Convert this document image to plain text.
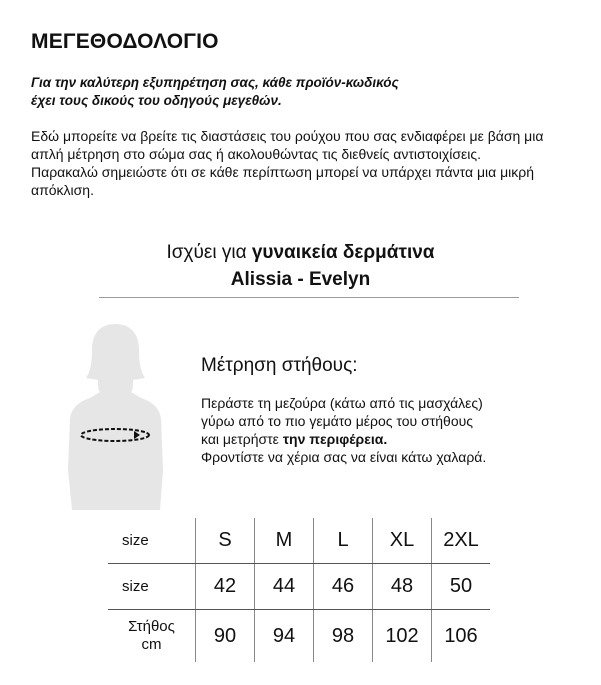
ΜΕΓΕΘΟΔΟΛΟΓΙΟ
Για την καλύτερη εξυπηρέτηση σας, κάθε προϊόν-κωδικός
έχει τους δικούς του οδηγούς μεγεθών.

Εδώ μπορείτε να βρείτε τις διαστάσεις του ρούχου που σας ενδιαφέρει με βάση μια απλή μέτρηση στο σώμα σας ή ακολουθώντας τις διεθνείς αντιστοιχίσεις.

Παρακαλώ σημειώστε ότι σε κάθε περίπτωση μπορεί να υπάρχει πάντα μια μικρή απόκλιση.

Ισχύει για γυναικεία δερμάτινα
Alissia - Evelyn
Μέτρηση στήθους:
Περάστε τη μεζούρα (κάτω από τις μασχάλες)
γύρω από το πιο γεμάτο μέρος του στήθους
και μετρήστε την περιφέρεια.
Φροντίστε να χέρια σας να είναι κάτω χαλαρά.
size	S	M	L	XL	2XL
size	42	44	46	48	50

Στήθος
cm	90	94	98	102	106
